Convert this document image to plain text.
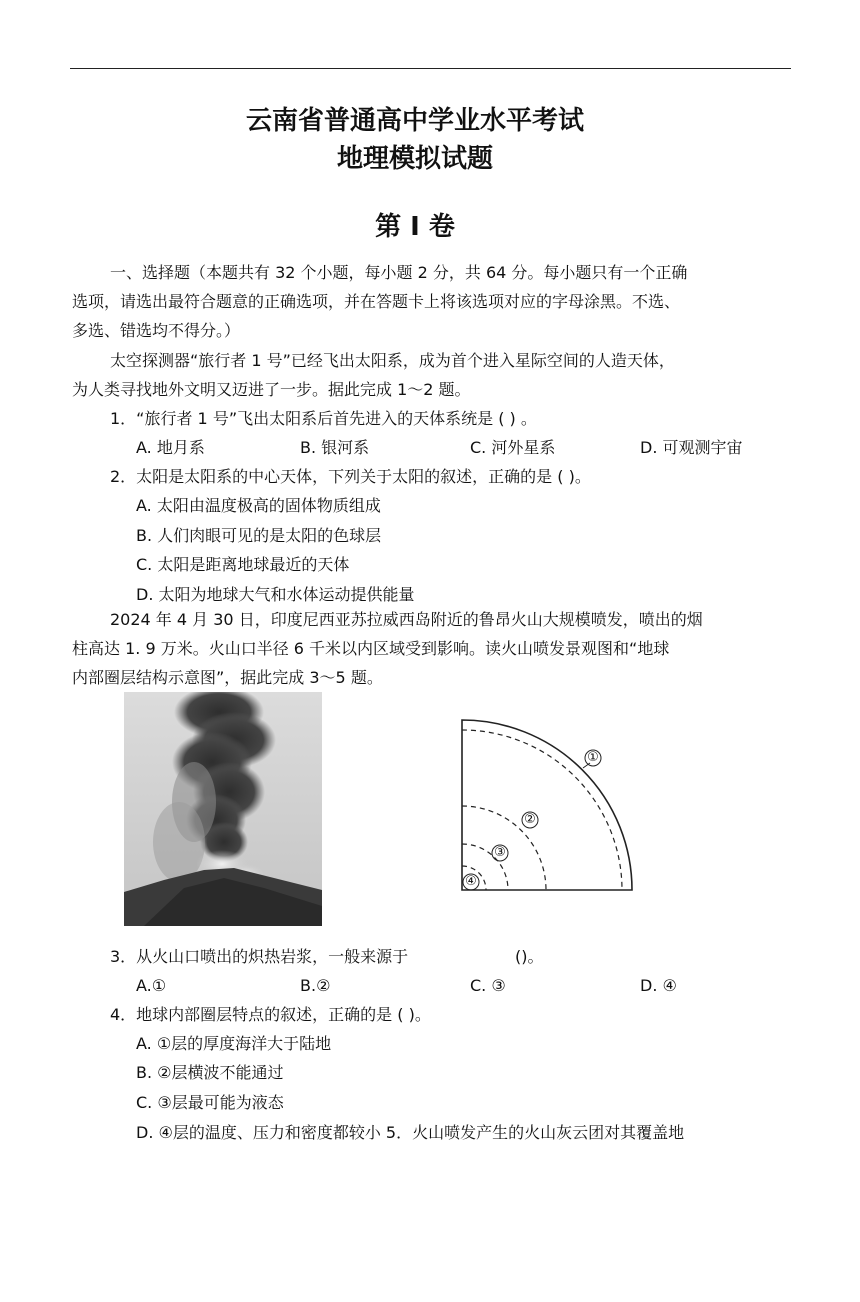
云南省普通高中学业水平考试
地理模拟试题
第 I 卷
一、选择题（本题共有 32 个小题，每小题 2 分，共 64 分。每小题只有一个正确
选项，请选出最符合题意的正确选项，并在答题卡上将该选项对应的字母涂黑。不选、
多选、错选均不得分。）
太空探测器“旅行者 1 号”已经飞出太阳系，成为首个进入星际空间的人造天体，
为人类寻找地外文明又迈进了一步。据此完成 1～2 题。
1．“旅行者 1 号”飞出太阳系后首先进入的天体系统是 ( ) 。
A. 地月系	B. 银河系	C. 河外星系	D. 可观测宇宙
2．太阳是太阳系的中心天体，下列关于太阳的叙述，正确的是 ( )。
A. 太阳由温度极高的固体物质组成
B. 人们肉眼可见的是太阳的色球层
C. 太阳是距离地球最近的天体
D. 太阳为地球大气和水体运动提供能量
2024 年 4 月 30 日，印度尼西亚苏拉威西岛附近的鲁昂火山大规模喷发，喷出的烟
柱高达 1. 9 万米。火山口半径 6 千米以内区域受到影响。读火山喷发景观图和“地球
内部圈层结构示意图”，据此完成 3～5 题。
①
②
③
④
3．从火山口喷出的炽热岩浆，一般来源于	()。
A.①	B.②	C. ③	D. ④
4．地球内部圈层特点的叙述，正确的是 ( )。
A. ①层的厚度海洋大于陆地
B. ②层横波不能通过
C. ③层最可能为液态
D. ④层的温度、压力和密度都较小 5．火山喷发产生的火山灰云团对其覆盖地
